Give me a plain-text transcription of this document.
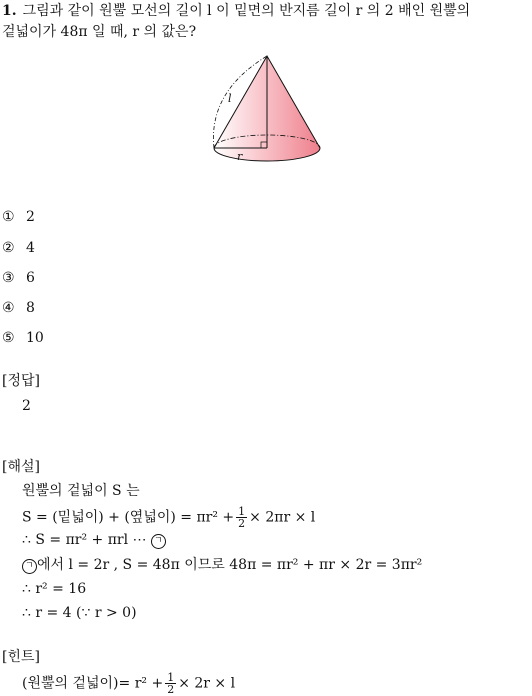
1. 그림과 같이 원뿔 모선의 길이 l 이 밑면의 반지름 길이 r 의 2 배인 원뿔의
겉넓이가 48π 일 때, r 의 값은?
l
r
① 2
② 4
③ 6
④ 8
⑤ 10
[정답]
2
[해설]
원뿔의 겉넓이 S 는
S = (밑넓이) + (옆넓이) = $\pi r^2 + \frac{1}{2} \times 2\pi r \times l$
∴ S = πr² + πrl ⋯ ㄱ
ㄱ 에서 l = 2r , S = 48π 이므로 48π = πr² + πr × 2r = 3πr²
∴ r² = 16
∴ r = 4 (∵ r > 0)
[힌트]
(원뿔의 겉넓이)= $r^2 + \frac{1}{2} \times 2r \times l$
